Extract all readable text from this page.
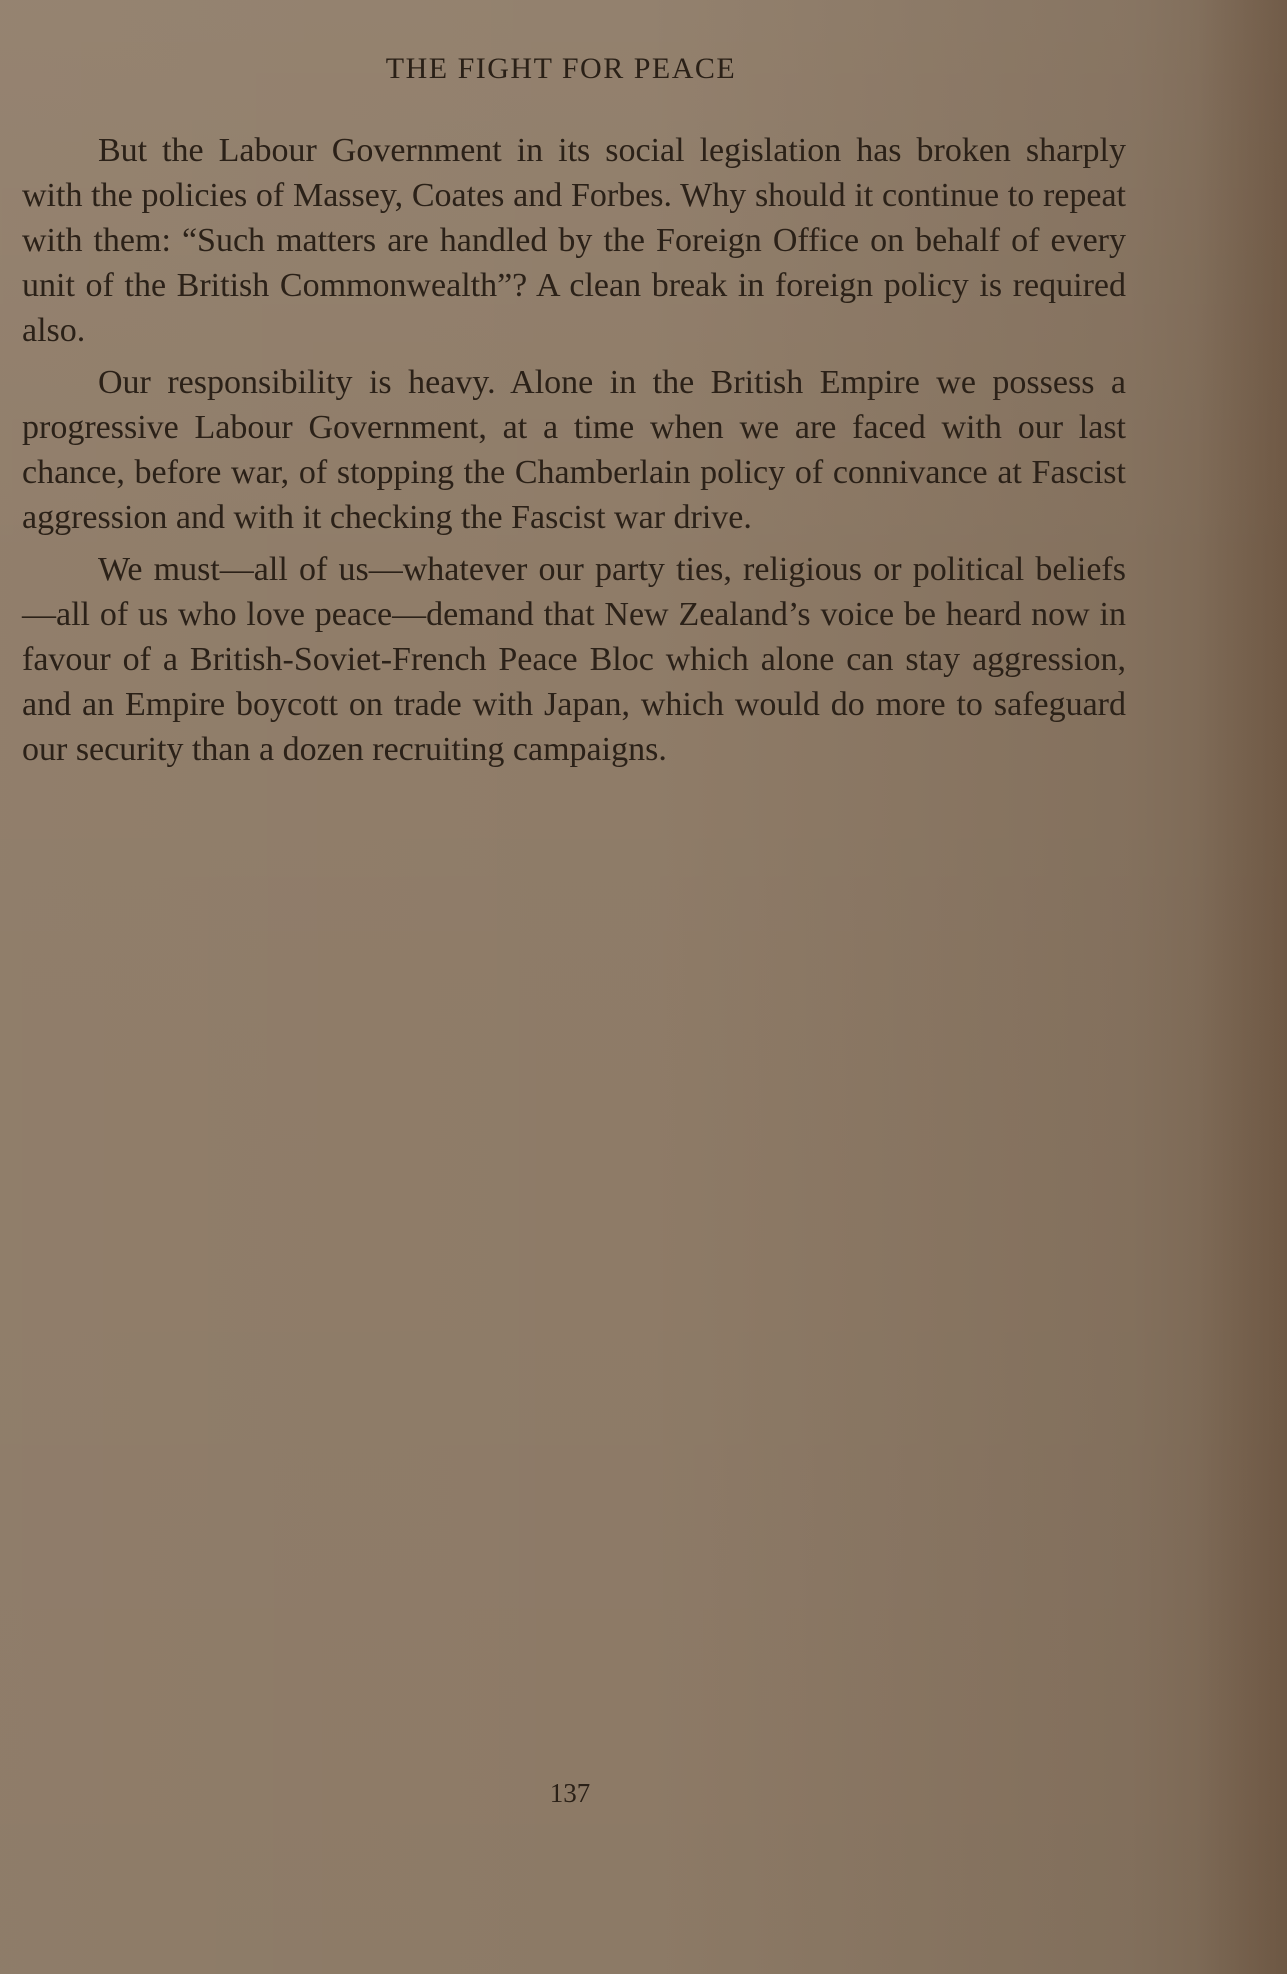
THE FIGHT FOR PEACE

But the Labour Government in its social legislation has broken sharply with the policies of Massey, Coates and Forbes. Why should it continue to repeat with them: “Such matters are handled by the Foreign Office on behalf of every unit of the British Commonwealth”? A clean break in foreign policy is required also.

Our responsibility is heavy. Alone in the British Empire we possess a progressive Labour Government, at a time when we are faced with our last chance, before war, of stopping the Chamberlain policy of connivance at Fascist aggression and with it checking the Fascist war drive.

We must—all of us—whatever our party ties, religious or political beliefs—all of us who love peace—demand that New Zealand’s voice be heard now in favour of a British-Soviet-French Peace Bloc which alone can stay aggression, and an Empire boycott on trade with Japan, which would do more to safeguard our security than a dozen recruiting campaigns.

137
